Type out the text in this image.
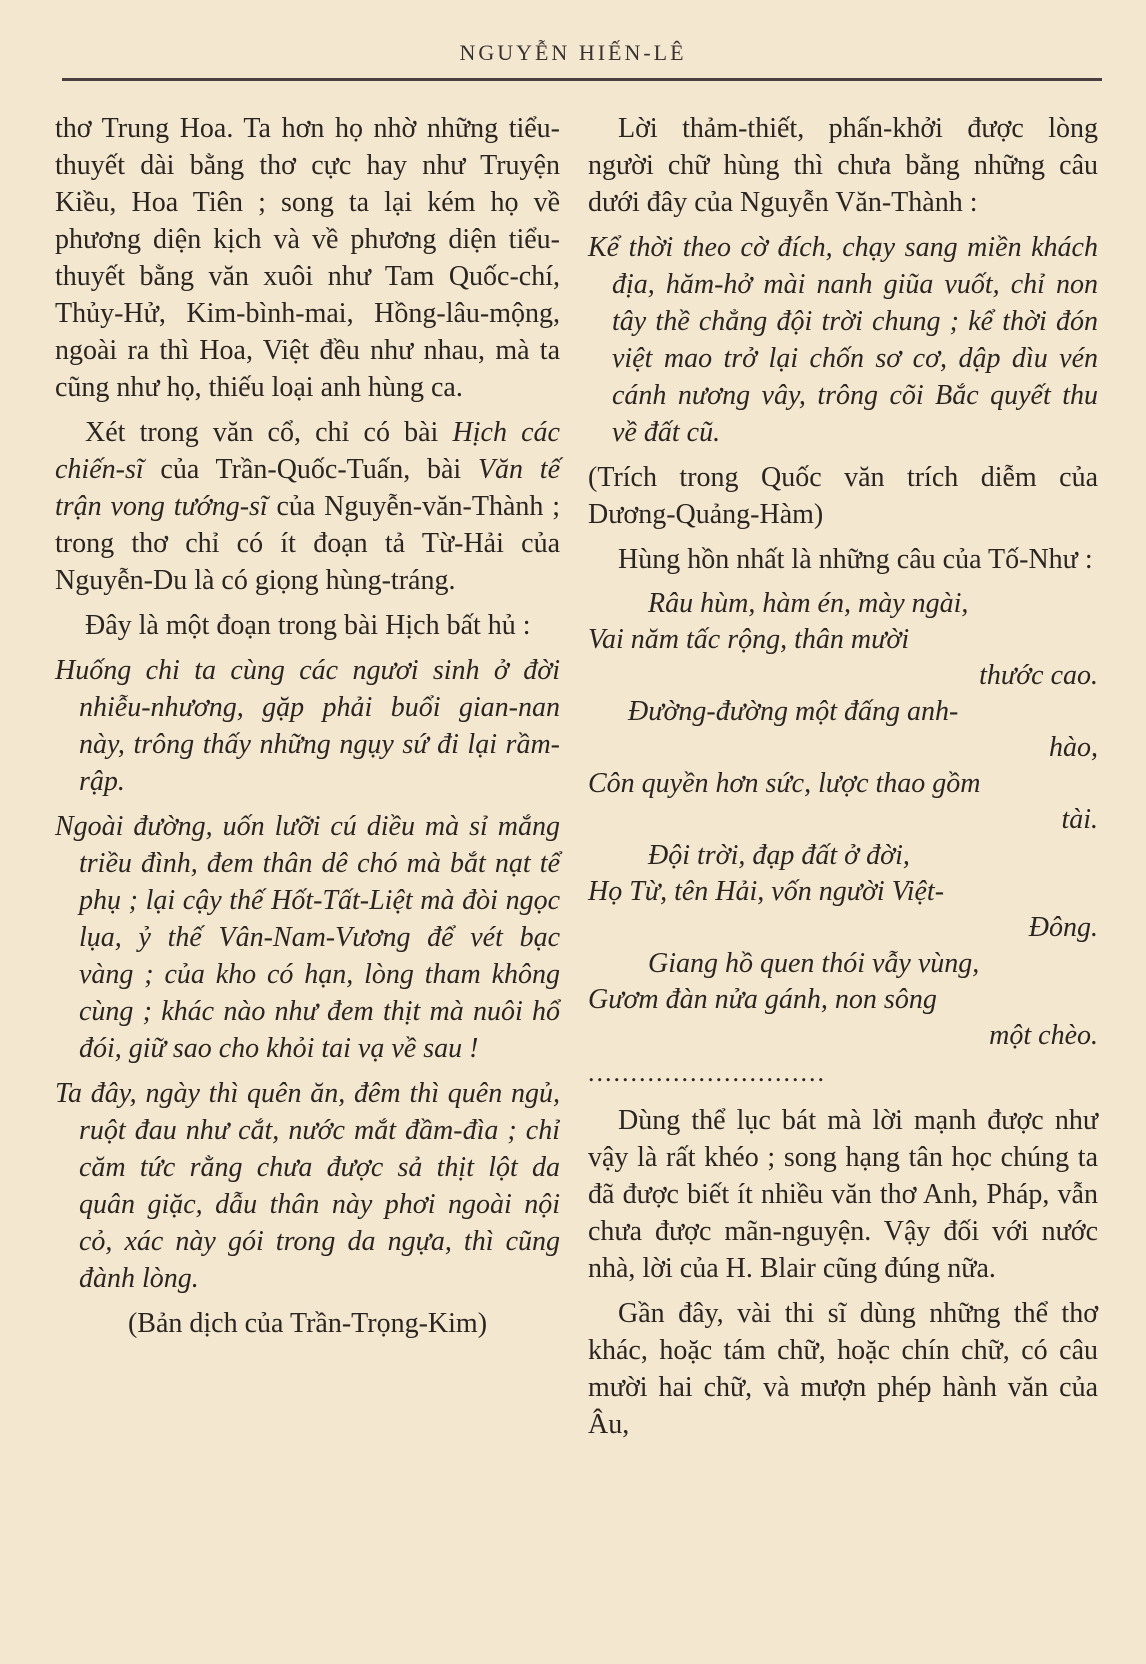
NGUYỄN HIẾN-LÊ

thơ Trung Hoa. Ta hơn họ nhờ những tiểu-thuyết dài bằng thơ cực hay như Truyện Kiều, Hoa Tiên ; song ta lại kém họ về phương diện kịch và về phương diện tiểu-thuyết bằng văn xuôi như Tam Quốc-chí, Thủy-Hử, Kim-bình-mai, Hồng-lâu-mộng, ngoài ra thì Hoa, Việt đều như nhau, mà ta cũng như họ, thiếu loại anh hùng ca.

Xét trong văn cổ, chỉ có bài Hịch các chiến-sĩ của Trần-Quốc-Tuấn, bài Văn tế trận vong tướng-sĩ của Nguyễn-văn-Thành ; trong thơ chỉ có ít đoạn tả Từ-Hải của Nguyễn-Du là có giọng hùng-tráng.

Đây là một đoạn trong bài Hịch bất hủ :

Huống chi ta cùng các ngươi sinh ở đời nhiễu-nhương, gặp phải buổi gian-nan này, trông thấy những ngụy sứ đi lại rầm-rập.

Ngoài đường, uốn lưỡi cú diều mà sỉ mắng triều đình, đem thân dê chó mà bắt nạt tể phụ ; lại cậy thế Hốt-Tất-Liệt mà đòi ngọc lụa, ỷ thế Vân-Nam-Vương để vét bạc vàng ; của kho có hạn, lòng tham không cùng ; khác nào như đem thịt mà nuôi hổ đói, giữ sao cho khỏi tai vạ về sau !

Ta đây, ngày thì quên ăn, đêm thì quên ngủ, ruột đau như cắt, nước mắt đầm-đìa ; chỉ căm tức rằng chưa được sả thịt lột da quân giặc, dẫu thân này phơi ngoài nội cỏ, xác này gói trong da ngựa, thì cũng đành lòng.

(Bản dịch của Trần-Trọng-Kim)

Lời thảm-thiết, phấn-khởi được lòng người chữ hùng thì chưa bằng những câu dưới đây của Nguyễn Văn-Thành :

Kể thời theo cờ đích, chạy sang miền khách địa, hăm-hở mài nanh giũa vuốt, chỉ non tây thề chẳng đội trời chung ; kể thời đón việt mao trở lại chốn sơ cơ, dập dìu vén cánh nương vây, trông cõi Bắc quyết thu về đất cũ.

(Trích trong Quốc văn trích diễm của Dương-Quảng-Hàm)

Hùng hồn nhất là những câu của Tố-Như :

Râu hùm, hàm én, mày ngài,
Vai năm tấc rộng, thân mười
thước cao.
Đường-đường một đấng anh-
hào,
Côn quyền hơn sức, lược thao gồm
tài.
Đội trời, đạp đất ở đời,
Họ Từ, tên Hải, vốn người Việt-
Đông.
Giang hồ quen thói vẫy vùng,
Gươm đàn nửa gánh, non sông
một chèo.
............................

Dùng thể lục bát mà lời mạnh được như vậy là rất khéo ; song hạng tân học chúng ta đã được biết ít nhiều văn thơ Anh, Pháp, vẫn chưa được mãn-nguyện. Vậy đối với nước nhà, lời của H. Blair cũng đúng nữa.

Gần đây, vài thi sĩ dùng những thể thơ khác, hoặc tám chữ, hoặc chín chữ, có câu mười hai chữ, và mượn phép hành văn của Âu,
